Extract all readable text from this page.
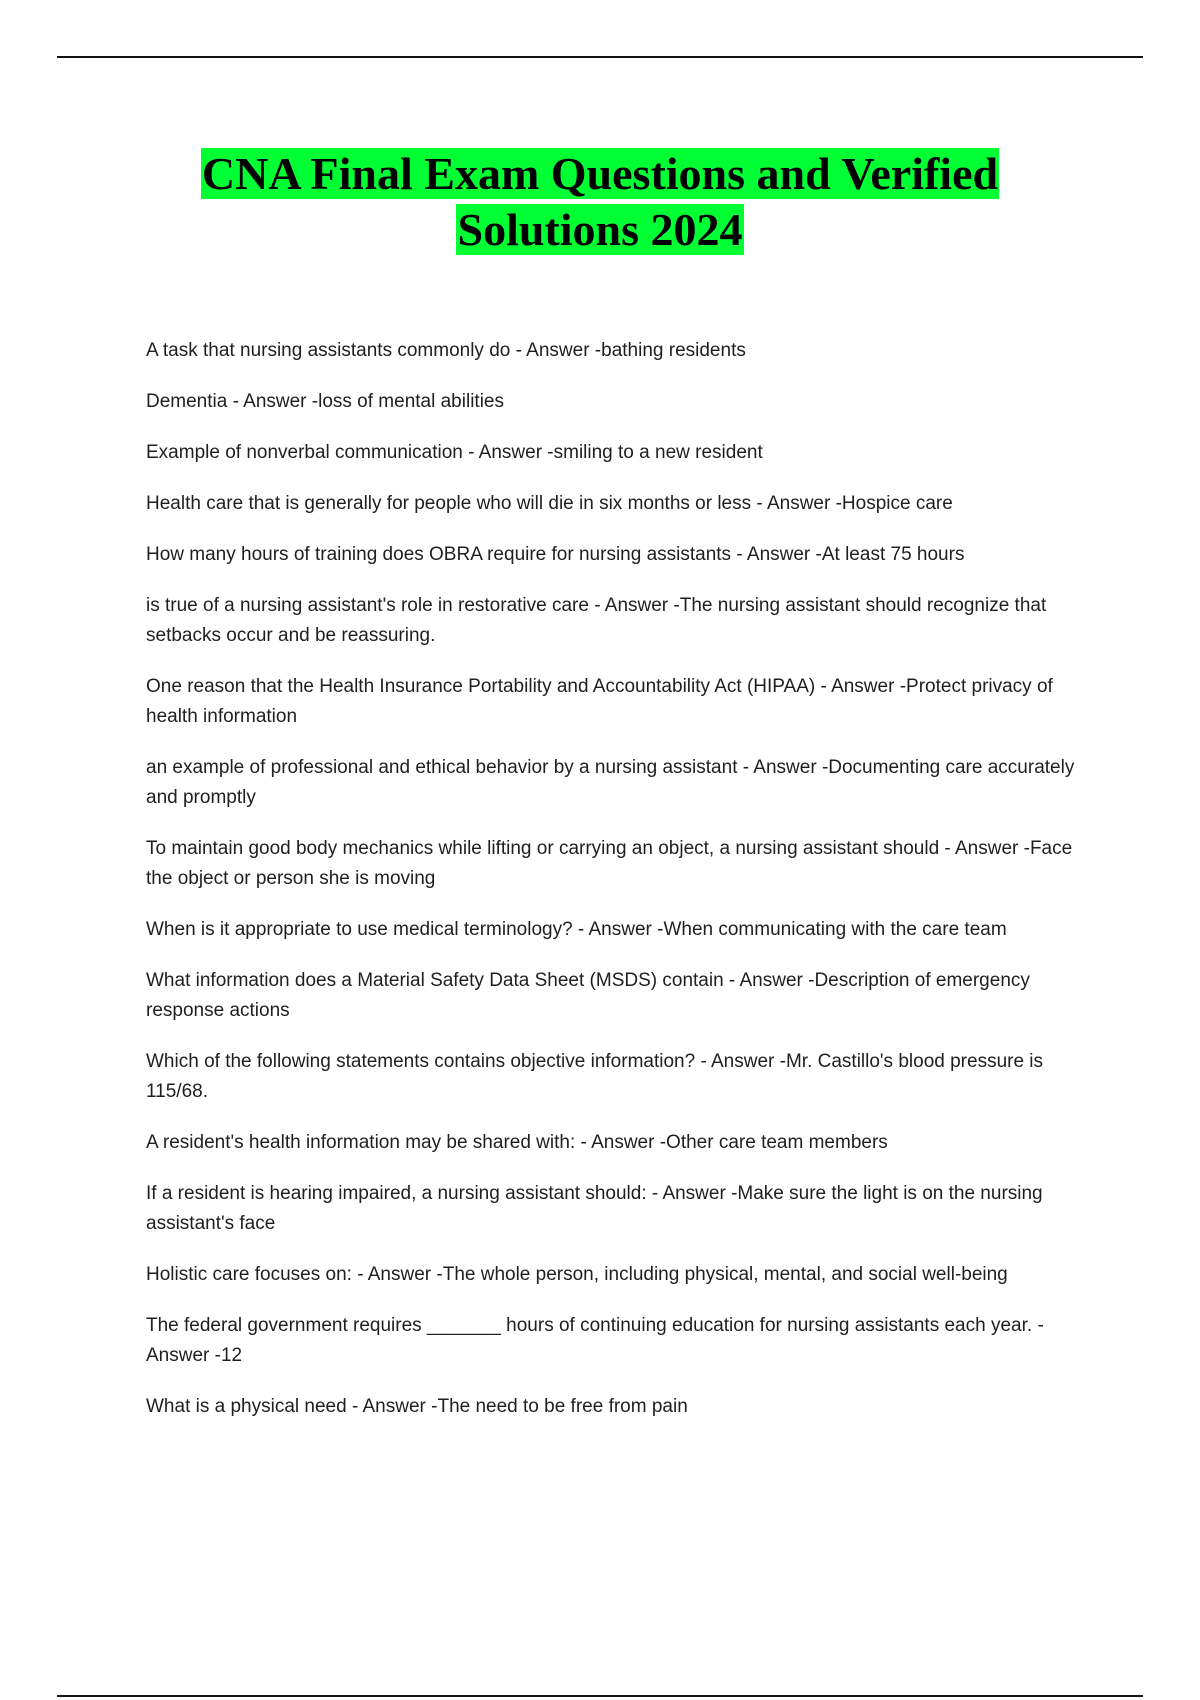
CNA Final Exam Questions and Verified
Solutions 2024
A task that nursing assistants commonly do - Answer -bathing residents
Dementia - Answer -loss of mental abilities
Example of nonverbal communication - Answer -smiling to a new resident
Health care that is generally for people who will die in six months or less - Answer -Hospice care
How many hours of training does OBRA require for nursing assistants - Answer -At least 75 hours
is true of a nursing assistant's role in restorative care - Answer -The nursing assistant should recognize that setbacks occur and be reassuring.
One reason that the Health Insurance Portability and Accountability Act (HIPAA) - Answer -Protect privacy of health information
an example of professional and ethical behavior by a nursing assistant - Answer -Documenting care accurately and promptly
To maintain good body mechanics while lifting or carrying an object, a nursing assistant should - Answer -Face the object or person she is moving
When is it appropriate to use medical terminology? - Answer -When communicating with the care team
What information does a Material Safety Data Sheet (MSDS) contain - Answer -Description of emergency response actions
Which of the following statements contains objective information? - Answer -Mr. Castillo's blood pressure is 115/68.
A resident's health information may be shared with: - Answer -Other care team members
If a resident is hearing impaired, a nursing assistant should: - Answer -Make sure the light is on the nursing assistant's face
Holistic care focuses on: - Answer -The whole person, including physical, mental, and social well-being
The federal government requires _______ hours of continuing education for nursing assistants each year. - Answer -12
What is a physical need - Answer -The need to be free from pain
